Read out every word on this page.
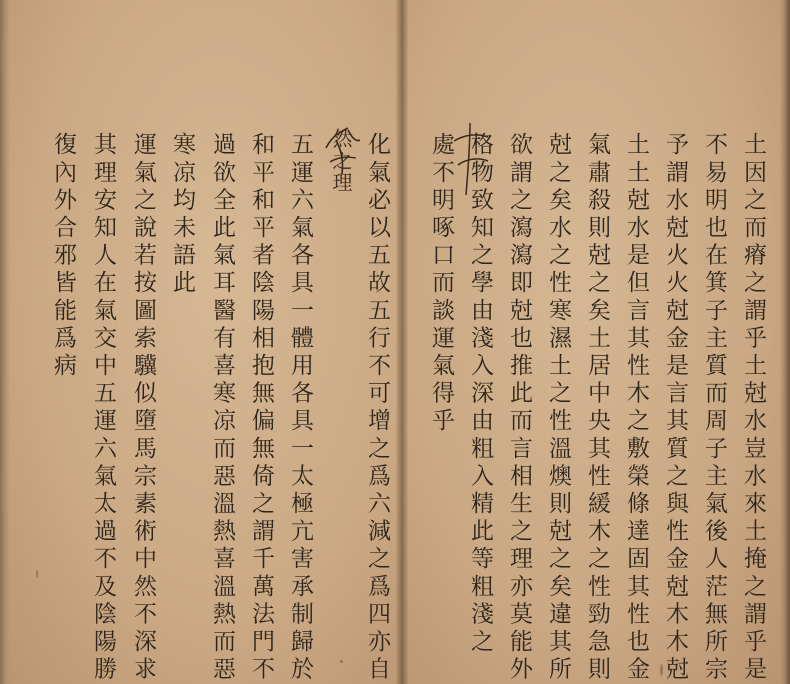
化氣必以五故五行不可增之爲六減之爲四亦自
然之理
五運六氣各具一體用各具一太極亢害承制歸於
和平和平者陰陽相抱無偏無倚之謂千萬法門不
過欲全此氣耳醫有喜寒凉而惡溫熱喜溫熱而惡
寒凉均未語此
運氣之說若按圖索驥似墮馬宗素術中然不深求
其理安知人在氣交中五運六氣太過不及陰陽勝
復內外合邪皆能爲病	土因之而瘠之謂乎土尅水豈水來土掩之謂乎是
不易明也在箕子主質而周子主氣後人茫無所宗
予謂水尅火火尅金是言其質之與性金尅木木尅
土土尅水是但言其性木之敷榮條達固其性也金
氣肅殺則尅之矣土居中央其性緩木之性勁急則
尅之矣水之性寒濕土之性溫燠則尅之矣違其所
欲謂之瀉瀉即尅也推此而言相生之理亦莫能外
格物致知之學由淺入深由粗入精此等粗淺之
處不明啄口而談運氣得乎
